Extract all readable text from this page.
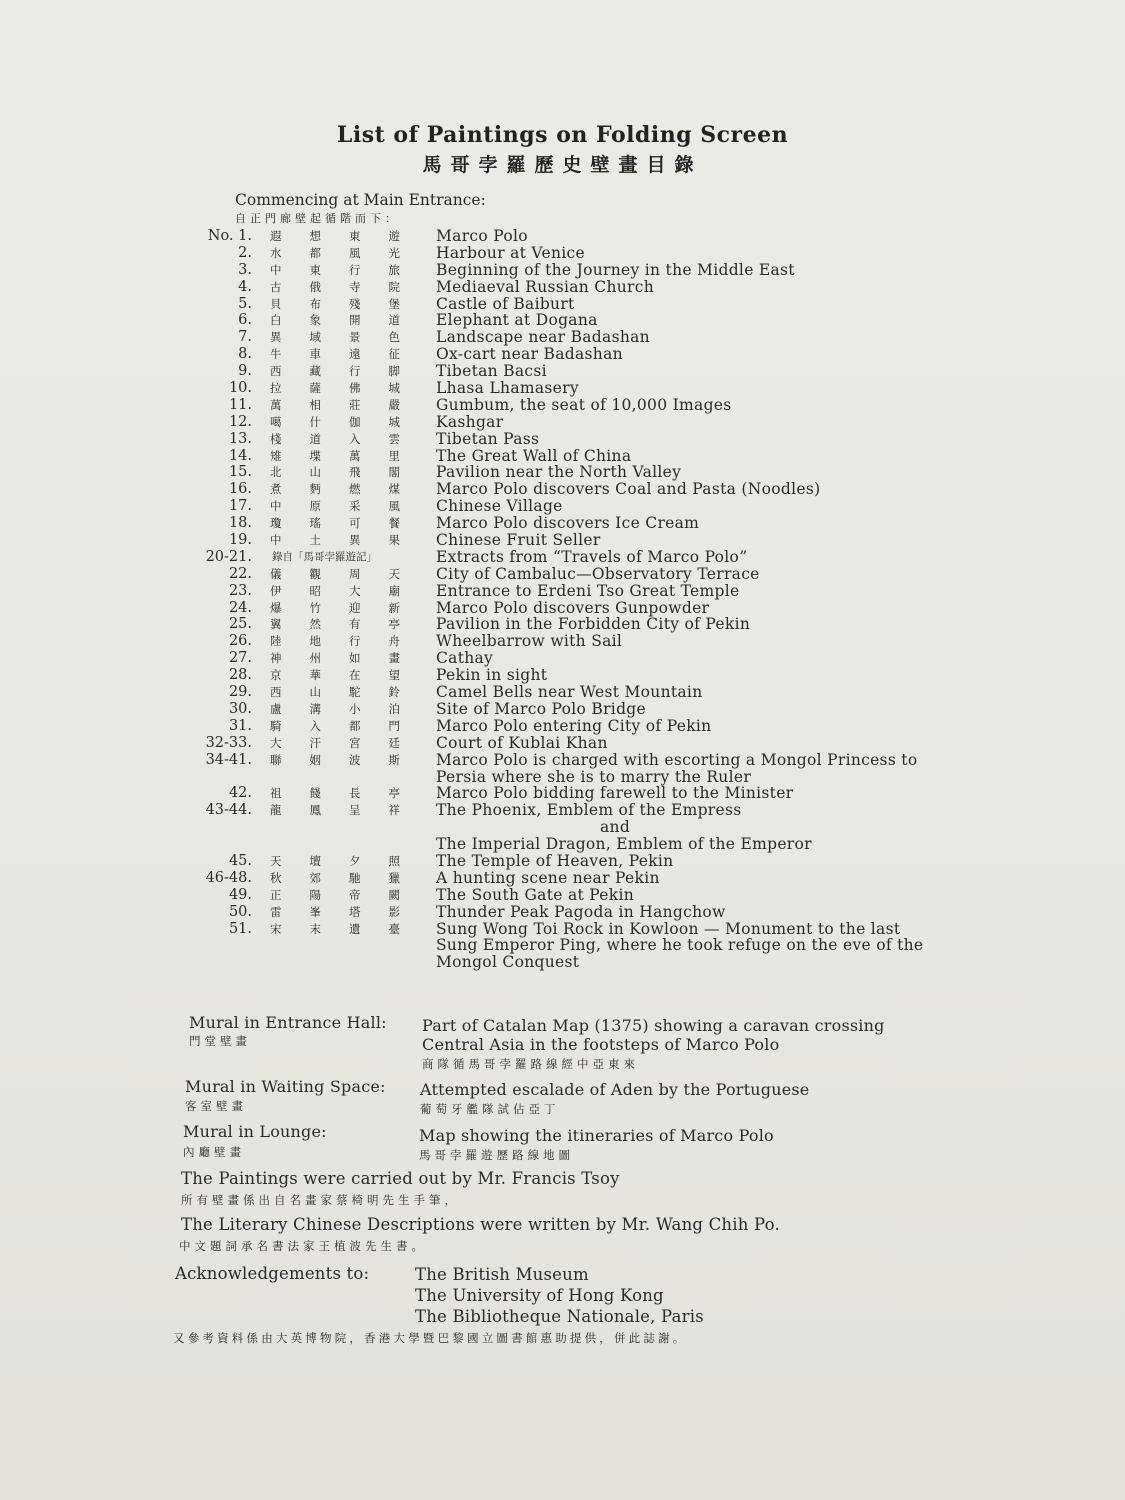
List of Paintings on Folding Screen
馬哥孛羅歷史壁畫目錄
Commencing at Main Entrance:
自正門廊壁起循階而下：
No. 1. 遐想東遊 Marco Polo
2. 水都風光 Harbour at Venice
3. 中東行旅 Beginning of the Journey in the Middle East
4. 古俄寺院 Mediaeval Russian Church
5. 貝布殘堡 Castle of Baiburt
6. 白象開道 Elephant at Dogana
7. 異域景色 Landscape near Badashan
8. 牛車遠征 Ox-cart near Badashan
9. 西藏行脚 Tibetan Bacsi
10. 拉薩佛城 Lhasa Lhamasery
11. 萬相莊嚴 Gumbum, the seat of 10,000 Images
12. 噶什伽城 Kashgar
13. 棧道入雲 Tibetan Pass
14. 雉堞萬里 The Great Wall of China
15. 北山飛閣 Pavilion near the North Valley
16. 煮麪燃煤 Marco Polo discovers Coal and Pasta (Noodles)
17. 中原采風 Chinese Village
18. 瓊瑤可餐 Marco Polo discovers Ice Cream
19. 中土異果 Chinese Fruit Seller
20-21. 錄自「馬哥孛羅遊記」	Extracts from “Travels of Marco Polo”
22. 儀觀周天 City of Cambaluc—Observatory Terrace
23. 伊昭大廟 Entrance to Erdeni Tso Great Temple
24. 爆竹迎新 Marco Polo discovers Gunpowder
25. 翼然有亭 Pavilion in the Forbidden City of Pekin
26. 陸地行舟 Wheelbarrow with Sail
27. 神州如畫 Cathay
28. 京華在望 Pekin in sight
29. 西山駝鈴 Camel Bells near West Mountain
30. 盧溝小泊 Site of Marco Polo Bridge
31. 騎入都門 Marco Polo entering City of Pekin
32-33. 大汗宮廷 Court of Kublai Khan
34-41. 聯姻波斯 Marco Polo is charged with escorting a Mongol Princess to
Persia where she is to marry the Ruler
42. 祖餞長亭 Marco Polo bidding farewell to the Minister
43-44. 龍鳳呈祥 The Phoenix, Emblem of the Empress
and
The Imperial Dragon, Emblem of the Emperor
45. 天壇夕照 The Temple of Heaven, Pekin
46-48. 秋郊馳獵 A hunting scene near Pekin
49. 正陽帝闕 The South Gate at Pekin
50. 雷峯塔影 Thunder Peak Pagoda in Hangchow
51. 宋末遺臺 Sung Wong Toi Rock in Kowloon — Monument to the last
Sung Emperor Ping, where he took refuge on the eve of the
Mongol Conquest
Mural in Entrance Hall:
門堂壁畫
Part of Catalan Map (1375) showing a caravan crossing
Central Asia in the footsteps of Marco Polo
商隊循馬哥孛羅路線經中亞東來
Mural in Waiting Space:
客室壁畫
Attempted escalade of Aden by the Portuguese
葡萄牙艦隊試佔亞丁
Mural in Lounge:
內廳壁畫
Map showing the itineraries of Marco Polo
馬哥孛羅遊歷路線地圖
The Paintings were carried out by Mr. Francis Tsoy
所有壁畫係出自名畫家蔡椅明先生手筆，
The Literary Chinese Descriptions were written by Mr. Wang Chih Po.
中文題詞承名書法家王植波先生書。
Acknowledgements to:	The British Museum
The University of Hong Kong
The Bibliotheque Nationale, Paris
又參考資料係由大英博物院，香港大學暨巴黎國立圖書館惠助提供，併此誌謝。
